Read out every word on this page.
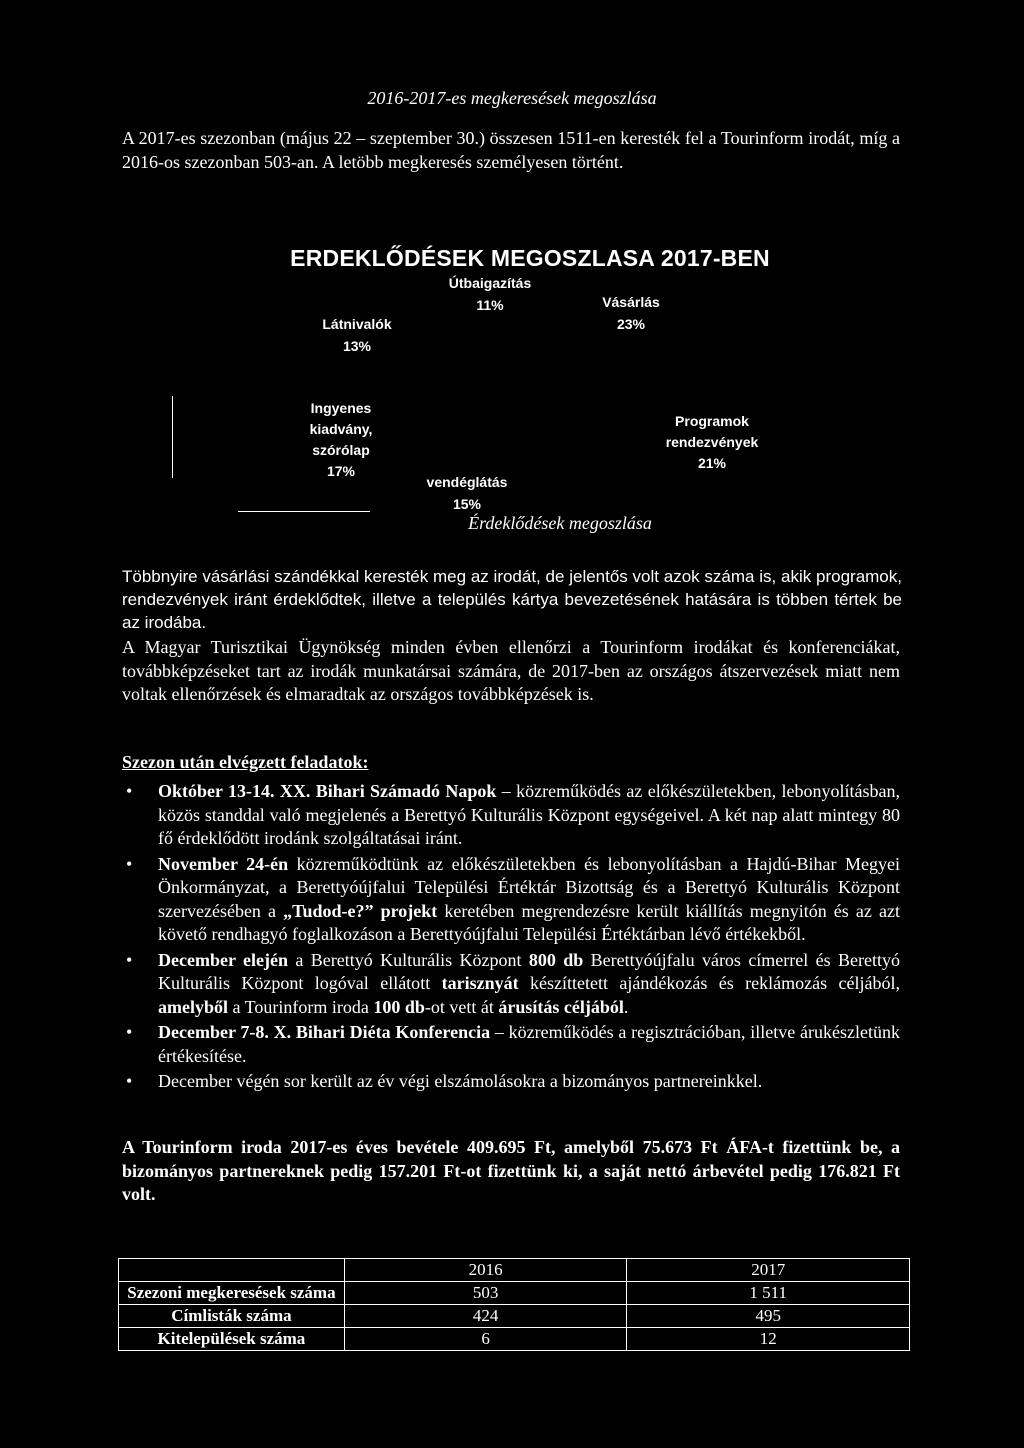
2016-2017-es megkeresések megoszlása
A 2017-es szezonban (május 22 – szeptember 30.) összesen 1511-en keresték fel a Tourinform irodát, míg a 2016-os szezonban 503-an. A letöbb megkeresés személyesen történt.
ERDEKLŐDÉSEK MEGOSZLASA 2017-BEN
Útbaigazítás
11%	Vásárlás
23%
Látnivalók
13%
Ingyenes kiadvány, szórólap
17%
Programok rendezvények
21%
vendéglátás
15%
Érdeklődések megoszlása
Többnyire vásárlási szándékkal keresték meg az irodát, de jelentős volt azok száma is, akik programok, rendezvények iránt érdeklődtek, illetve a település kártya bevezetésének hatására is többen tértek be az irodába.
A Magyar Turisztikai Ügynökség minden évben ellenőrzi a Tourinform irodákat és konferenciákat, továbbképzéseket tart az irodák munkatársai számára, de 2017-ben az országos átszervezések miatt nem voltak ellenőrzések és elmaradtak az országos továbbképzések is.
Szezon után elvégzett feladatok:
• Október 13-14. XX. Bihari Számadó Napok – közreműködés az előkészületekben, lebonyolításban, közös standdal való megjelenés a Berettyó Kulturális Központ egységeivel. A két nap alatt mintegy 80 fő érdeklődött irodánk szolgáltatásai iránt.
• November 24-én közreműködtünk az előkészületekben és lebonyolításban a Hajdú-Bihar Megyei Önkormányzat, a Berettyóújfalui Települési Értéktár Bizottság és a Berettyó Kulturális Központ szervezésében a „Tudod-e?” projekt keretében megrendezésre került kiállítás megnyitón és az azt követő rendhagyó foglalkozáson a Berettyóújfalui Települési Értéktárban lévő értékekből.
• December elején a Berettyó Kulturális Központ 800 db Berettyóújfalu város címerrel és Berettyó Kulturális Központ logóval ellátott tarisznyát készíttetett ajándékozás és reklámozás céljából, amelyből a Tourinform iroda 100 db-ot vett át árusítás céljából.
• December 7-8. X. Bihari Diéta Konferencia – közreműködés a regisztrációban, illetve árukészletünk értékesítése.
• December végén sor került az év végi elszámolásokra a bizományos partnereinkkel.
A Tourinform iroda 2017-es éves bevétele 409.695 Ft, amelyből 75.673 Ft ÁFA-t fizettünk be, a bizományos partnereknek pedig 157.201 Ft-ot fizettünk ki, a saját nettó árbevétel pedig 176.821 Ft volt.
	2016	2017
Szezoni megkeresések száma	503	1 511
Címlisták száma	424	495
Kitelepülések száma	6	12
